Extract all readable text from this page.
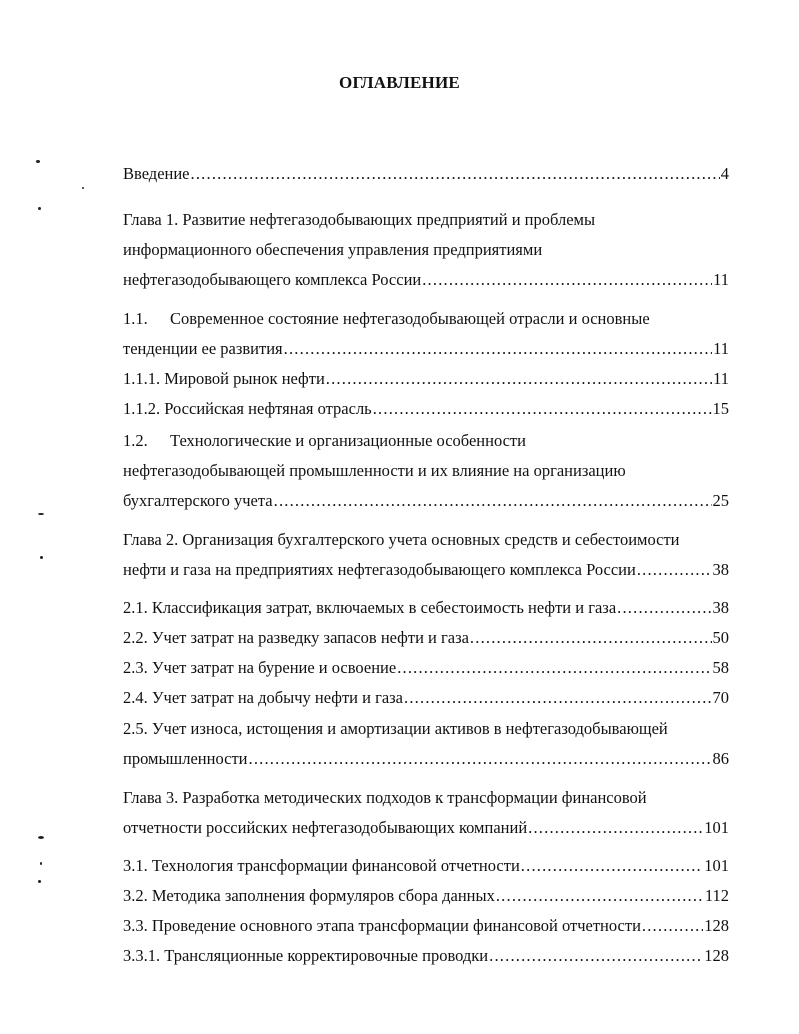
ОГЛАВЛЕНИЕ
Введение .....	4
Глава 1. Развитие нефтегазодобывающих предприятий и проблемы
информационного обеспечения управления предприятиями
нефтегазодобывающего комплекса России .....	11
1.1. Современное состояние нефтегазодобывающей отрасли и основные
тенденции ее развития .....	11
1.1.1. Мировой рынок нефти .....	11
1.1.2. Российская нефтяная отрасль .....	15
1.2. Технологические и организационные особенности
нефтегазодобывающей промышленности и их влияние на организацию
бухгалтерского учета .....	25
Глава 2. Организация бухгалтерского учета основных средств и себестоимости
нефти и газа на предприятиях нефтегазодобывающего комплекса России .....	38
2.1. Классификация затрат, включаемых в себестоимость нефти и газа .....	38
2.2. Учет затрат на разведку запасов нефти и газа .....	50
2.3. Учет затрат на бурение и освоение .....	58
2.4. Учет затрат на добычу нефти и газа .....	70
2.5. Учет износа, истощения и амортизации активов в нефтегазодобывающей
промышленности .....	86
Глава 3. Разработка методических подходов к трансформации финансовой
отчетности российских нефтегазодобывающих компаний .....	101
3.1. Технология трансформации финансовой отчетности .....	101
3.2. Методика заполнения формуляров сбора данных .....	112
3.3. Проведение основного этапа трансформации финансовой отчетности .....	128
3.3.1. Трансляционные корректировочные проводки .....	128
